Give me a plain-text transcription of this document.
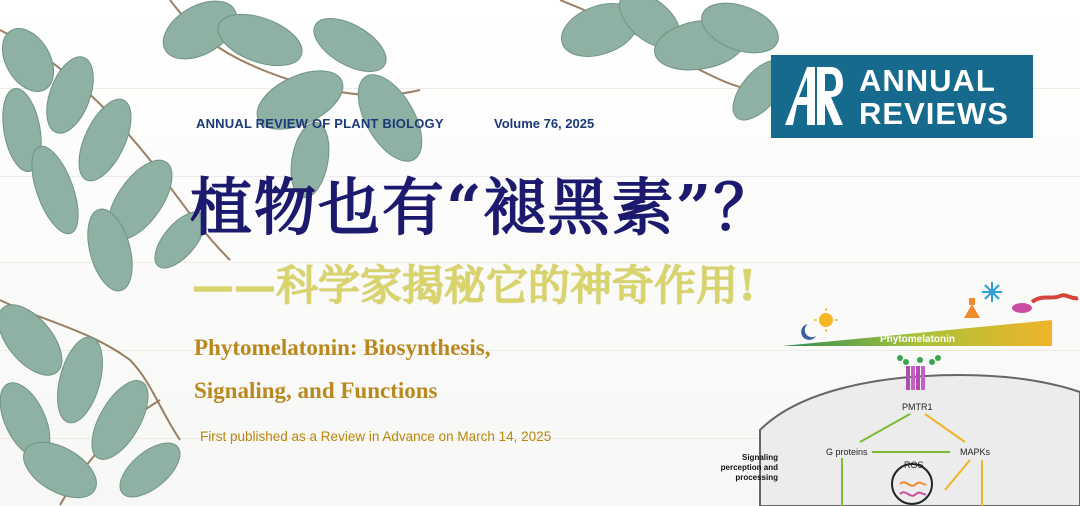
ANNUAL REVIEW OF PLANT BIOLOGY	Volume 76, 2025
ANNUAL
REVIEWS
植物也有“褪黑素”？
——科学家揭秘它的神奇作用!
Phytomelatonin: Biosynthesis,
Signaling, and Functions
First published as a Review in Advance on March 14, 2025
Phytomelatonin
PMTR1
G proteins	MAPKs
ROS
Signaling
perception and
processing
